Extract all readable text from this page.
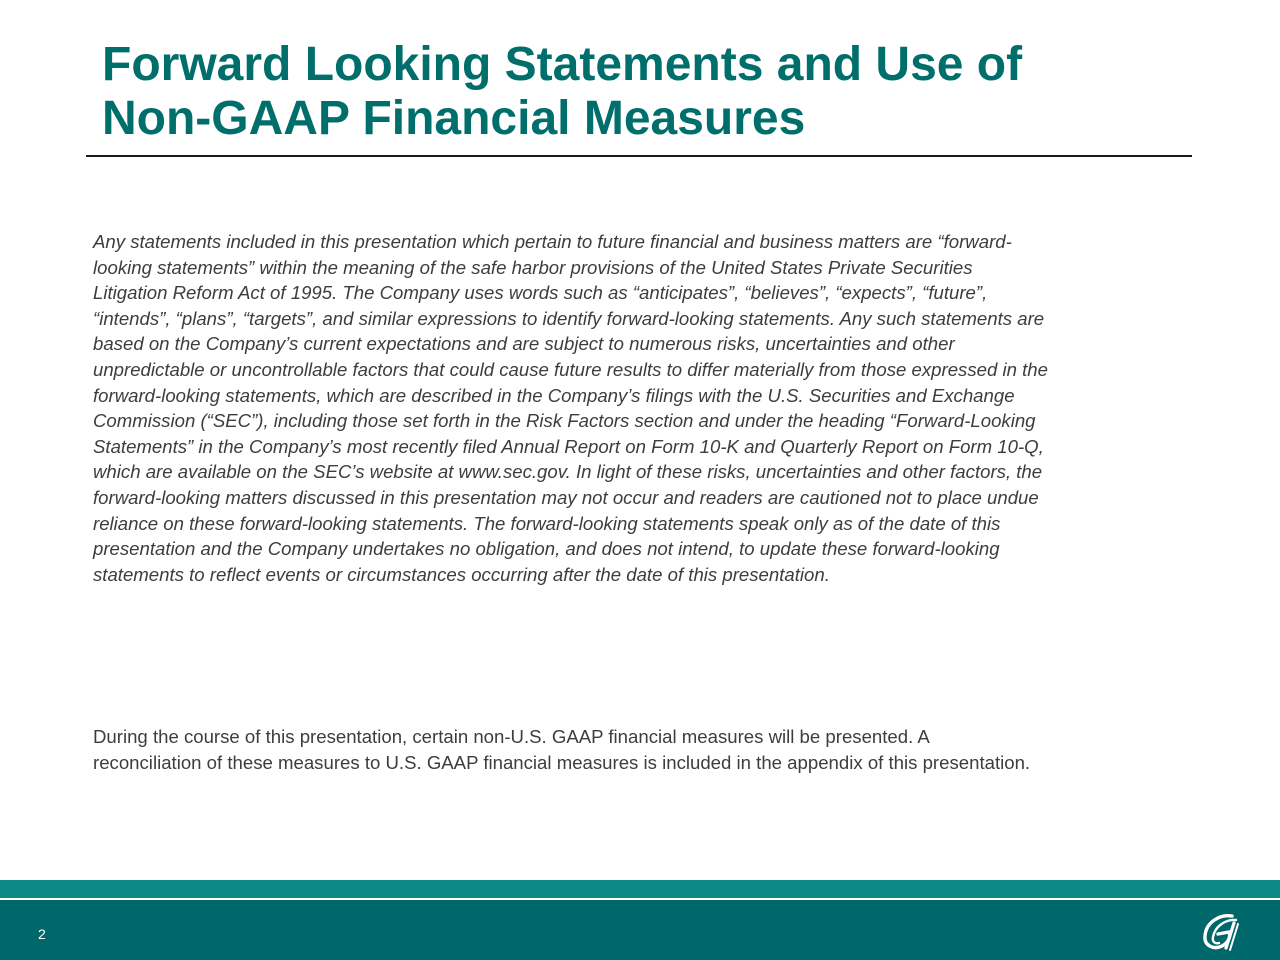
Forward Looking Statements and Use of
Non-GAAP Financial Measures

Any statements included in this presentation which pertain to future financial and business matters are “forward-
looking statements” within the meaning of the safe harbor provisions of the United States Private Securities
Litigation Reform Act of 1995. The Company uses words such as “anticipates”, “believes”, “expects”, “future”,
“intends”, “plans”, “targets”, and similar expressions to identify forward-looking statements. Any such statements are
based on the Company’s current expectations and are subject to numerous risks, uncertainties and other
unpredictable or uncontrollable factors that could cause future results to differ materially from those expressed in the
forward-looking statements, which are described in the Company’s filings with the U.S. Securities and Exchange
Commission (“SEC”), including those set forth in the Risk Factors section and under the heading “Forward-Looking
Statements” in the Company’s most recently filed Annual Report on Form 10-K and Quarterly Report on Form 10-Q,
which are available on the SEC’s website at www.sec.gov. In light of these risks, uncertainties and other factors, the
forward-looking matters discussed in this presentation may not occur and readers are cautioned not to place undue
reliance on these forward-looking statements. The forward-looking statements speak only as of the date of this
presentation and the Company undertakes no obligation, and does not intend, to update these forward-looking
statements to reflect events or circumstances occurring after the date of this presentation.

During the course of this presentation, certain non-U.S. GAAP financial measures will be presented. A
reconciliation of these measures to U.S. GAAP financial measures is included in the appendix of this presentation.

2
